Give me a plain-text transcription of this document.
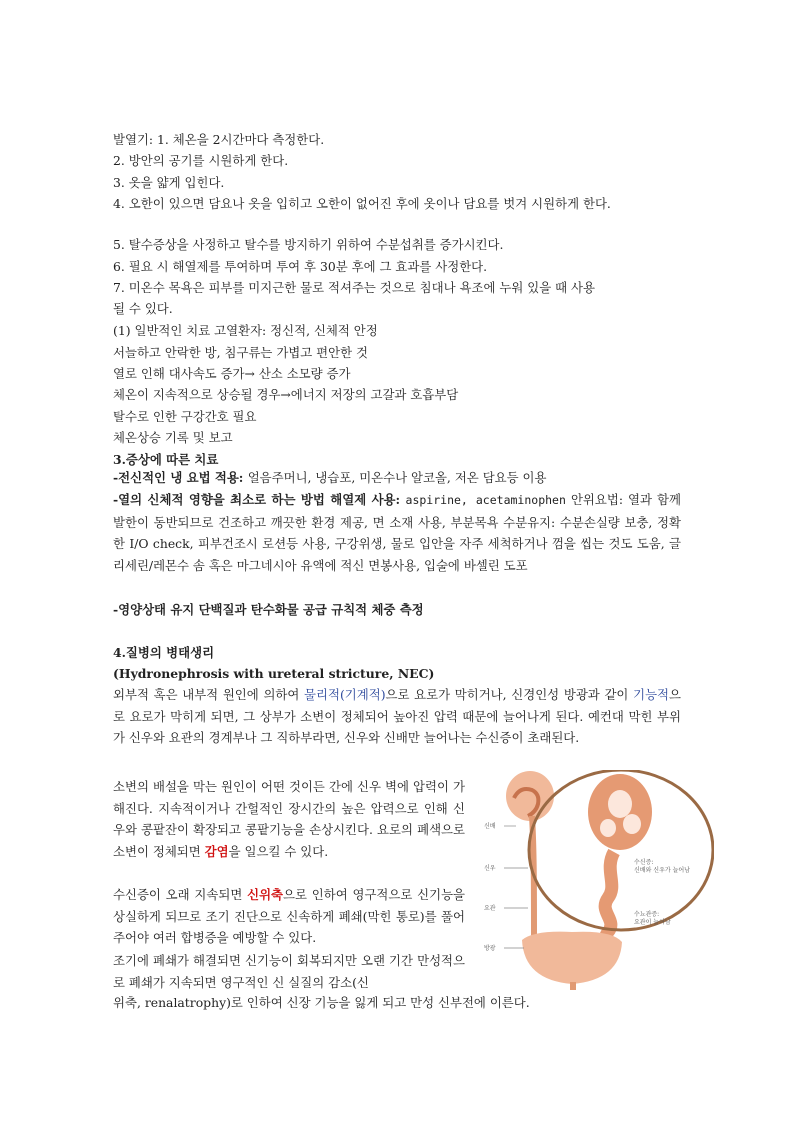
발열기: 1. 체온을 2시간마다 측정한다.
2. 방안의 공기를 시원하게 한다.
3. 옷을 얇게 입힌다.
4. 오한이 있으면 담요나 옷을 입히고 오한이 없어진 후에 옷이나 담요를 벗겨 시원하게 한다.
5. 탈수증상을 사정하고 탈수를 방지하기 위하여 수분섭취를 증가시킨다.
6. 필요 시 해열제를 투여하며 투여 후 30분 후에 그 효과를 사정한다.
7. 미온수 목욕은 피부를 미지근한 물로 적셔주는 것으로 침대나 욕조에 누워 있을 때 사용
될 수 있다.
(1) 일반적인 치료 고열환자: 정신적, 신체적 안정
서늘하고 안락한 방, 침구류는 가볍고 편안한 것
열로 인해 대사속도 증가→ 산소 소모량 증가
체온이 지속적으로 상승될 경우→에너지 저장의 고갈과 호흡부담
탈수로 인한 구강간호 필요
체온상승 기록 및 보고
3.증상에 따른 치료
-전신적인 냉 요법 적용: 얼음주머니, 냉습포, 미온수나 알코올, 저온 담요등 이용
-열의 신체적 영향을 최소로 하는 방법 해열제 사용: aspirine, acetaminophen 안위요법: 열과 함께 발한이 동반되므로 건조하고 깨끗한 환경 제공, 면 소재 사용, 부분목욕 수분유지: 수분손실량 보충, 정확한 I/O check, 피부건조시 로션등 사용, 구강위생, 물로 입안을 자주 세척하거나 껌을 씹는 것도 도움, 글리세린/레몬수 솜 혹은 마그네시아 유액에 적신 면봉사용, 입술에 바셀린 도포
-영양상태 유지 단백질과 탄수화물 공급 규칙적 체중 측정
4.질병의 병태생리
(Hydronephrosis with ureteral stricture, NEC)
외부적 혹은 내부적 원인에 의하여 물리적(기계적)으로 요로가 막히거나, 신경인성 방광과 같이 기능적으로 요로가 막히게 되면, 그 상부가 소변이 정체되어 높아진 압력 때문에 늘어나게 된다. 예컨대 막힌 부위가 신우와 요관의 경계부나 그 직하부라면, 신우와 신배만 늘어나는 수신증이 초래된다.
소변의 배설을 막는 원인이 어떤 것이든 간에 신우 벽에 압력이 가해진다. 지속적이거나 간헐적인 장시간의 높은 압력으로 인해 신우와 콩팥잔이 확장되고 콩팥기능을 손상시킨다. 요로의 폐색으로 소변이 정체되면 감염을 일으킬 수 있다.
수신증이 오래 지속되면 신위축으로 인하여 영구적으로 신기능을 상실하게 되므로 조기 진단으로 신속하게 폐쇄(막힌 통로)를 풀어주어야 여러 합병증을 예방할 수 있다.
조기에 폐쇄가 해결되면 신기능이 회복되지만 오랜 기간 만성적으로 폐쇄가 지속되면 영구적인 신 실질의 감소(신
위축, renalatrophy)로 인하여 신장 기능을 잃게 되고 만성 신부전에 이른다.
신배
신우
요관
방광
수신증:
신배와 신우가 늘어남
수뇨관증:
요관이 늘어남
